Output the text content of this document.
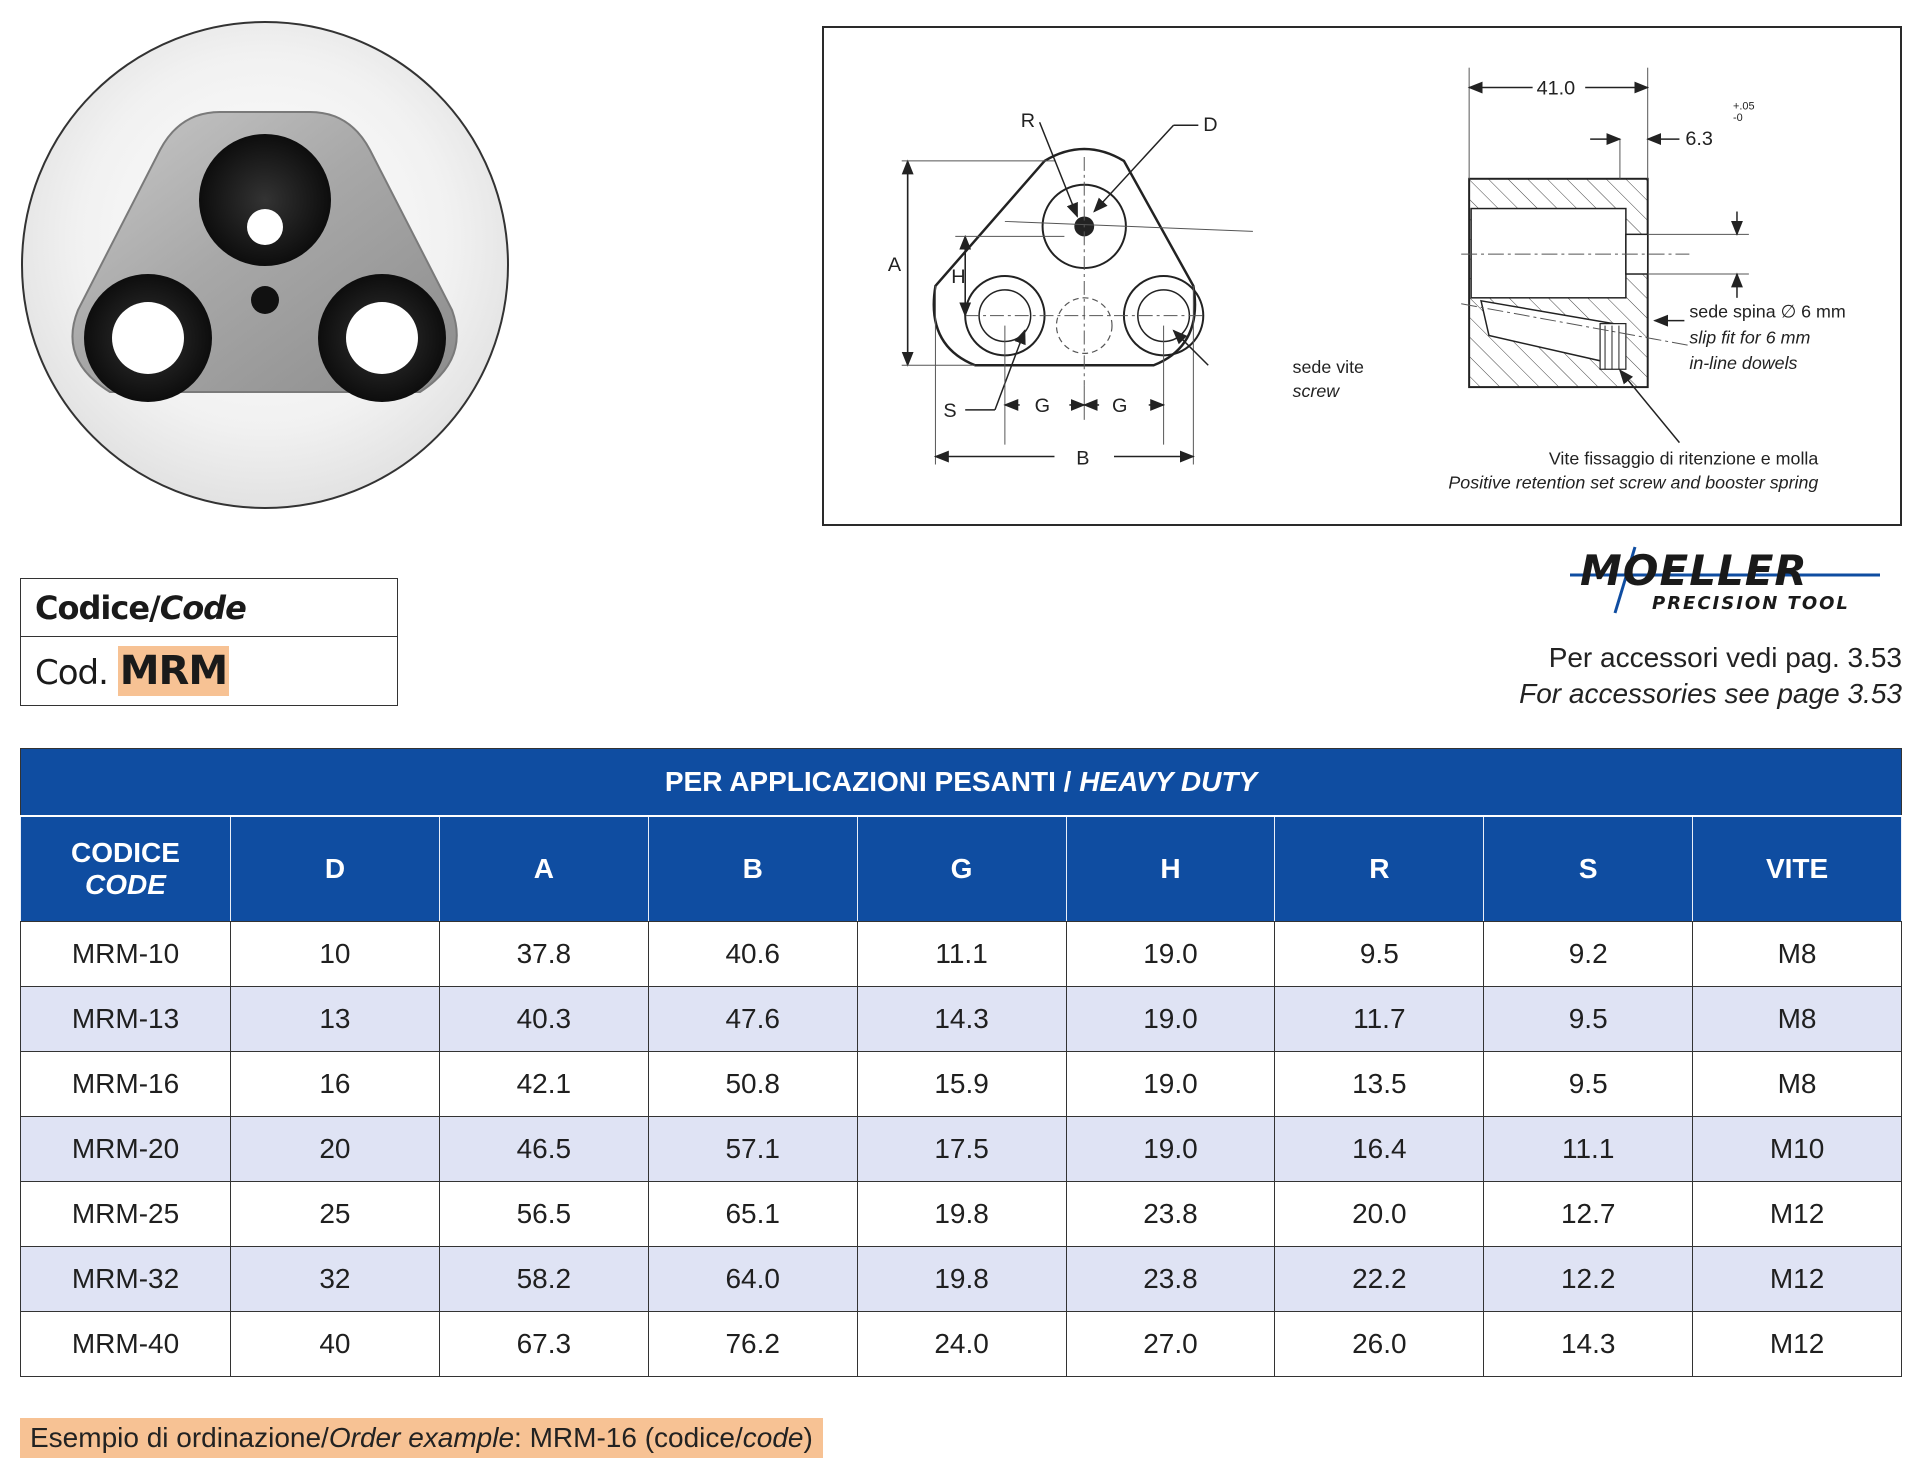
A
H
R	D
S	G	G
B
sede vite
screw
41.0
6.3
+.05
-0
sede spina ∅ 6 mm
slip fit for 6 mm
in-line dowels
Vite fissaggio di ritenzione e molla
Positive retention set screw and booster spring
MOELLER
PRECISION TOOL
Per accessori vedi pag. 3.53
For accessories see page 3.53
Codice/Code
Cod. MRM
PER APPLICAZIONI PESANTI / HEAVY DUTY								
CODICE
CODE	D	A	B	G	H	R	S	VITE
MRM-10	10	37.8	40.6	11.1	19.0	9.5	9.2	M8
MRM-13	13	40.3	47.6	14.3	19.0	11.7	9.5	M8
MRM-16	16	42.1	50.8	15.9	19.0	13.5	9.5	M8
MRM-20	20	46.5	57.1	17.5	19.0	16.4	11.1	M10
MRM-25	25	56.5	65.1	19.8	23.8	20.0	12.7	M12
MRM-32	32	58.2	64.0	19.8	23.8	22.2	12.2	M12
MRM-40	40	67.3	76.2	24.0	27.0	26.0	14.3	M12
Esempio di ordinazione/Order example: MRM-16 (codice/code)
